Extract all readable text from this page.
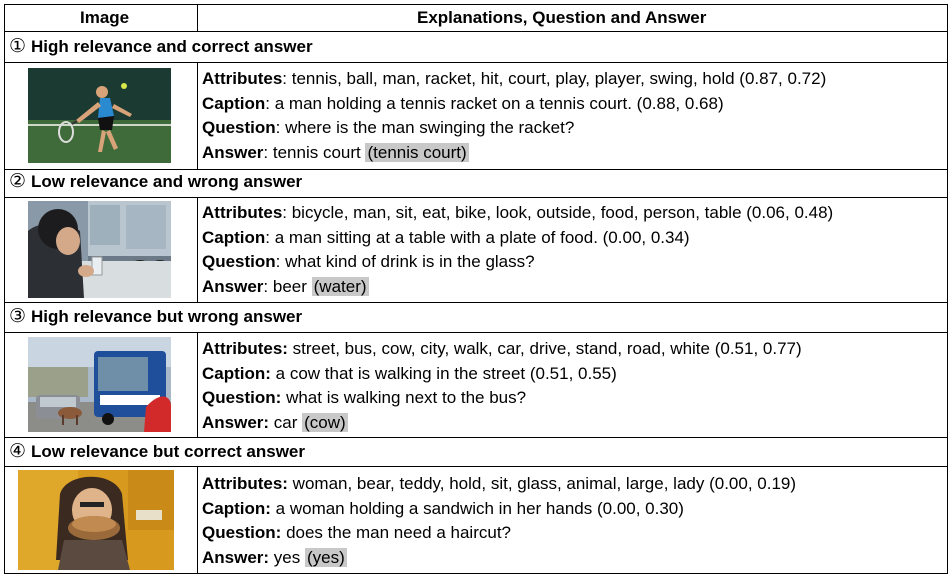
Image	Explanations, Question and Answer
① High relevance and correct answer
Attributes: tennis, ball, man, racket, hit, court, play, player, swing, hold (0.87, 0.72)
Caption: a man holding a tennis racket on a tennis court. (0.88, 0.68)
Question: where is the man swinging the racket?
Answer: tennis court (tennis court)
② Low relevance and wrong answer
Attributes: bicycle, man, sit, eat, bike, look, outside, food, person, table (0.06, 0.48)
Caption: a man sitting at a table with a plate of food. (0.00, 0.34)
Question: what kind of drink is in the glass?
Answer: beer (water)
③ High relevance but wrong answer
Attributes: street, bus, cow, city, walk, car, drive, stand, road, white (0.51, 0.77)
Caption: a cow that is walking in the street (0.51, 0.55)
Question: what is walking next to the bus?
Answer: car (cow)
④ Low relevance but correct answer
Attributes: woman, bear, teddy, hold, sit, glass, animal, large, lady (0.00, 0.19)
Caption: a woman holding a sandwich in her hands (0.00, 0.30)
Question: does the man need a haircut?
Answer: yes (yes)
